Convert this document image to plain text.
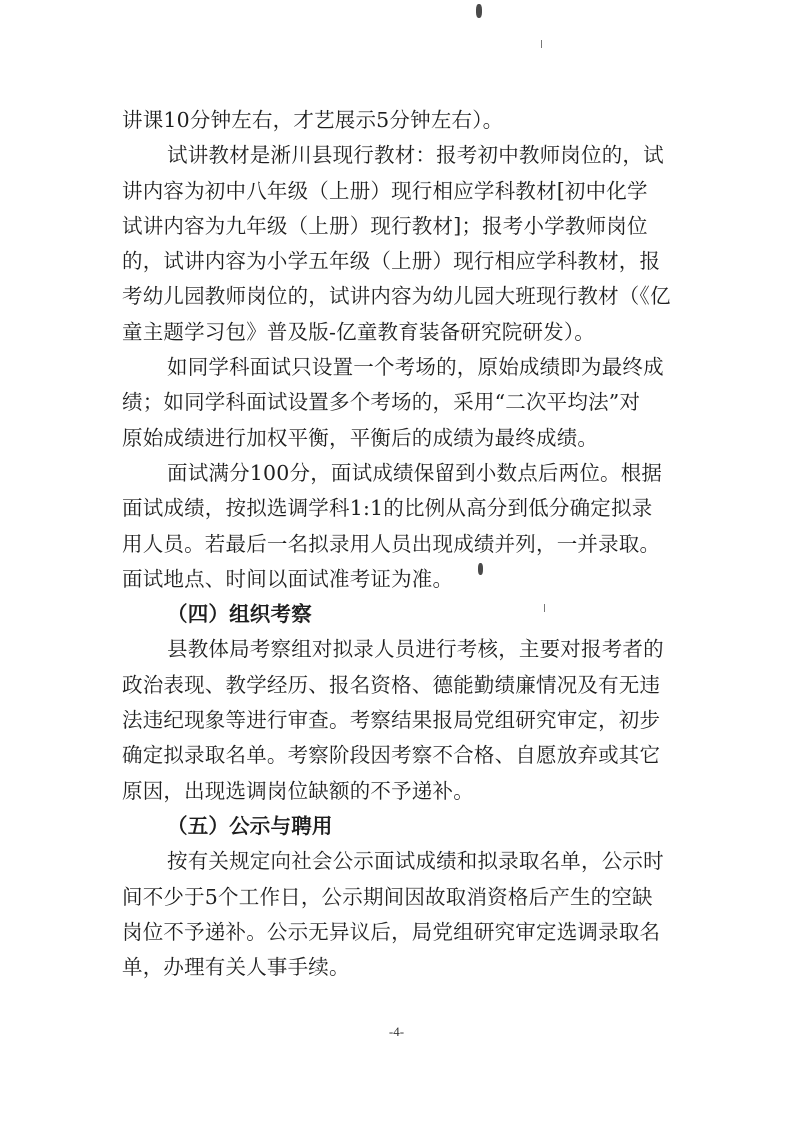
讲课10分钟左右，才艺展示5分钟左右）。
试讲教材是淅川县现行教材：报考初中教师岗位的，试
讲内容为初中八年级（上册）现行相应学科教材[初中化学
试讲内容为九年级（上册）现行教材]；报考小学教师岗位
的，试讲内容为小学五年级（上册）现行相应学科教材，报
考幼儿园教师岗位的，试讲内容为幼儿园大班现行教材（《亿
童主题学习包》普及版-亿童教育装备研究院研发）。
如同学科面试只设置一个考场的，原始成绩即为最终成
绩；如同学科面试设置多个考场的，采用“二次平均法”对
原始成绩进行加权平衡，平衡后的成绩为最终成绩。
面试满分100分，面试成绩保留到小数点后两位。根据
面试成绩，按拟选调学科1:1的比例从高分到低分确定拟录
用人员。若最后一名拟录用人员出现成绩并列，一并录取。
面试地点、时间以面试准考证为准。
（四）组织考察
县教体局考察组对拟录人员进行考核，主要对报考者的
政治表现、教学经历、报名资格、德能勤绩廉情况及有无违
法违纪现象等进行审查。考察结果报局党组研究审定，初步
确定拟录取名单。考察阶段因考察不合格、自愿放弃或其它
原因，出现选调岗位缺额的不予递补。
（五）公示与聘用
按有关规定向社会公示面试成绩和拟录取名单，公示时
间不少于5个工作日，公示期间因故取消资格后产生的空缺
岗位不予递补。公示无异议后，局党组研究审定选调录取名
单，办理有关人事手续。
-4-
